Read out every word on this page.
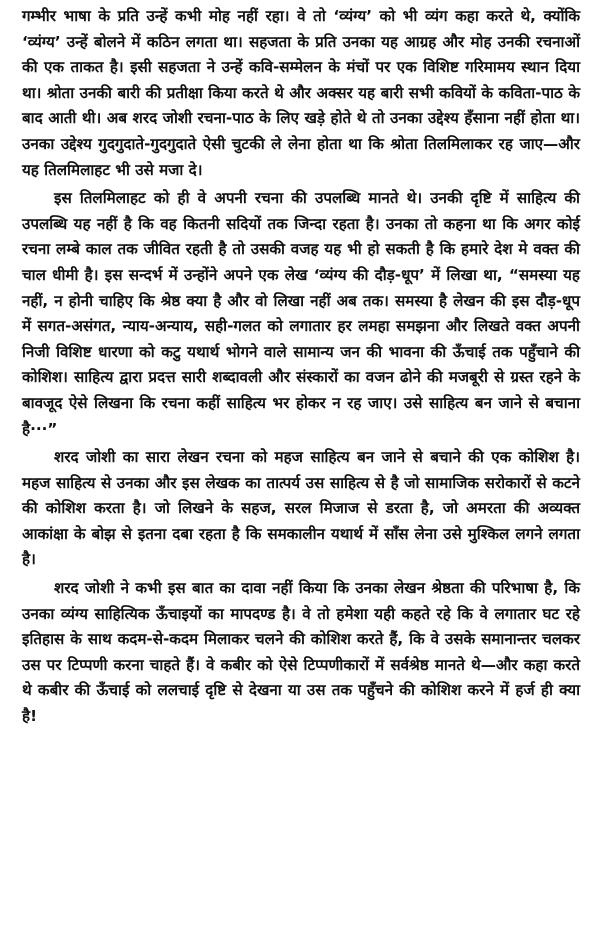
गम्भीर भाषा के प्रति उन्हें कभी मोह नहीं रहा। वे तो ‘व्यंग्य’ को भी व्यंग कहा करते थे, क्योंकि ‘व्यंग्य’ उन्हें बोलने में कठिन लगता था। सहजता के प्रति उनका यह आग्रह और मोह उनकी रचनाओं की एक ताकत है। इसी सहजता ने उन्हें कवि-सम्मेलन के मंचों पर एक विशिष्ट गरिमामय स्थान दिया था। श्रोता उनकी बारी की प्रतीक्षा किया करते थे और अक्सर यह बारी सभी कवियों के कविता-पाठ के बाद आती थी। अब शरद जोशी रचना-पाठ के लिए खड़े होते थे तो उनका उद्देश्य हँसाना नहीं होता था। उनका उद्देश्य गुदगुदाते-गुदगुदाते ऐसी चुटकी ले लेना होता था कि श्रोता तिलमिलाकर रह जाए—और यह तिलमिलाहट भी उसे मजा दे।

इस तिलमिलाहट को ही वे अपनी रचना की उपलब्धि मानते थे। उनकी दृष्टि में साहित्य की उपलब्धि यह नहीं है कि वह कितनी सदियों तक जिन्दा रहता है। उनका तो कहना था कि अगर कोई रचना लम्बे काल तक जीवित रहती है तो उसकी वजह यह भी हो सकती है कि हमारे देश मे वक्त की चाल धीमी है। इस सन्दर्भ में उन्होंने अपने एक लेख ‘व्यंग्य की दौड़-धूप’ में लिखा था, “समस्या यह नहीं, न होनी चाहिए कि श्रेष्ठ क्या है और वो लिखा नहीं अब तक। समस्या है लेखन की इस दौड़-धूप में सगत-असंगत, न्याय-अन्याय, सही-गलत को लगातार हर लमहा समझना और लिखते वक्त अपनी निजी विशिष्ट धारणा को कटु यथार्थ भोगने वाले सामान्य जन की भावना की ऊँचाई तक पहुँचाने की कोशिश। साहित्य द्वारा प्रदत्त सारी शब्दावली और संस्कारों का वजन ढोने की मजबूरी से ग्रस्त रहने के बावजूद ऐसे लिखना कि रचना कहीं साहित्य भर होकर न रह जाए। उसे साहित्य बन जाने से बचाना है···”

शरद जोशी का सारा लेखन रचना को महज साहित्य बन जाने से बचाने की एक कोशिश है। महज साहित्य से उनका और इस लेखक का तात्पर्य उस साहित्य से है जो सामाजिक सरोकारों से कटने की कोशिश करता है। जो लिखने के सहज, सरल मिजाज से डरता है, जो अमरता की अव्यक्त आकांक्षा के बोझ से इतना दबा रहता है कि समकालीन यथार्थ में साँस लेना उसे मुश्किल लगने लगता है।

शरद जोशी ने कभी इस बात का दावा नहीं किया कि उनका लेखन श्रेष्ठता की परिभाषा है, कि उनका व्यंग्य साहित्यिक ऊँचाइयों का मापदण्ड है। वे तो हमेशा यही कहते रहे कि वे लगातार घट रहे इतिहास के साथ कदम-से-कदम मिलाकर चलने की कोशिश करते हैं, कि वे उसके समानान्तर चलकर उस पर टिप्पणी करना चाहते हैं। वे कबीर को ऐसे टिप्पणीकारों में सर्वश्रेष्ठ मानते थे—और कहा करते थे कबीर की ऊँचाई को ललचाई दृष्टि से देखना या उस तक पहुँचने की कोशिश करने में हर्ज ही क्या है!
